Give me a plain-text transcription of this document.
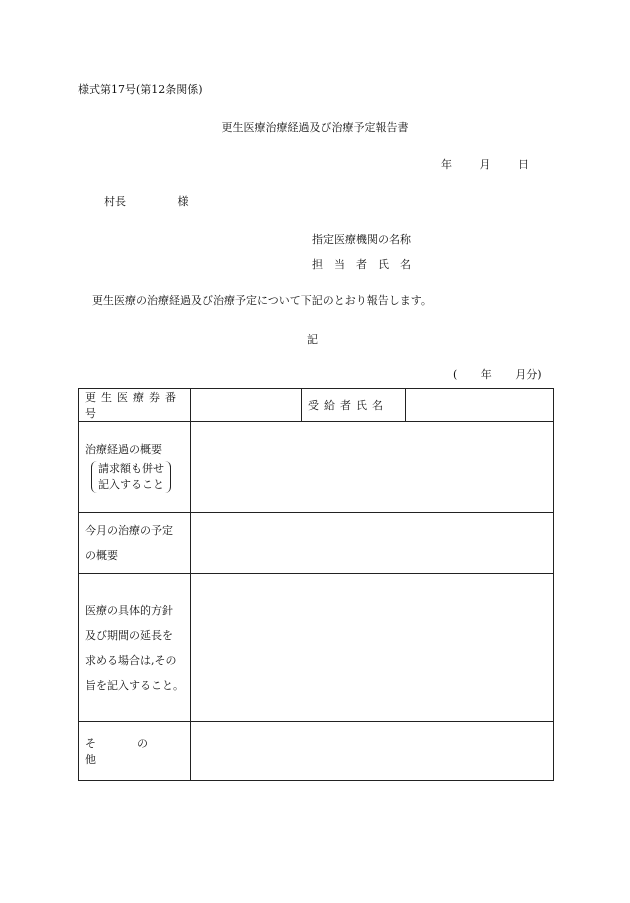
様式第17号(第12条関係)
更生医療治療経過及び治療予定報告書
年	月	日
村長	様
指定医療機関の名称
担当者氏名
更生医療の治療経過及び治療予定について下記のとおり報告します。
記
( 年 月分)
更生医療券番号		受給者氏名	

治療経過の概要
請求額も併せ
記入すること			

今月の治療の予定
の概要			

医療の具体的方針
及び期間の延長を
求める場合は,その
旨を記入すること。			

そ の他			
